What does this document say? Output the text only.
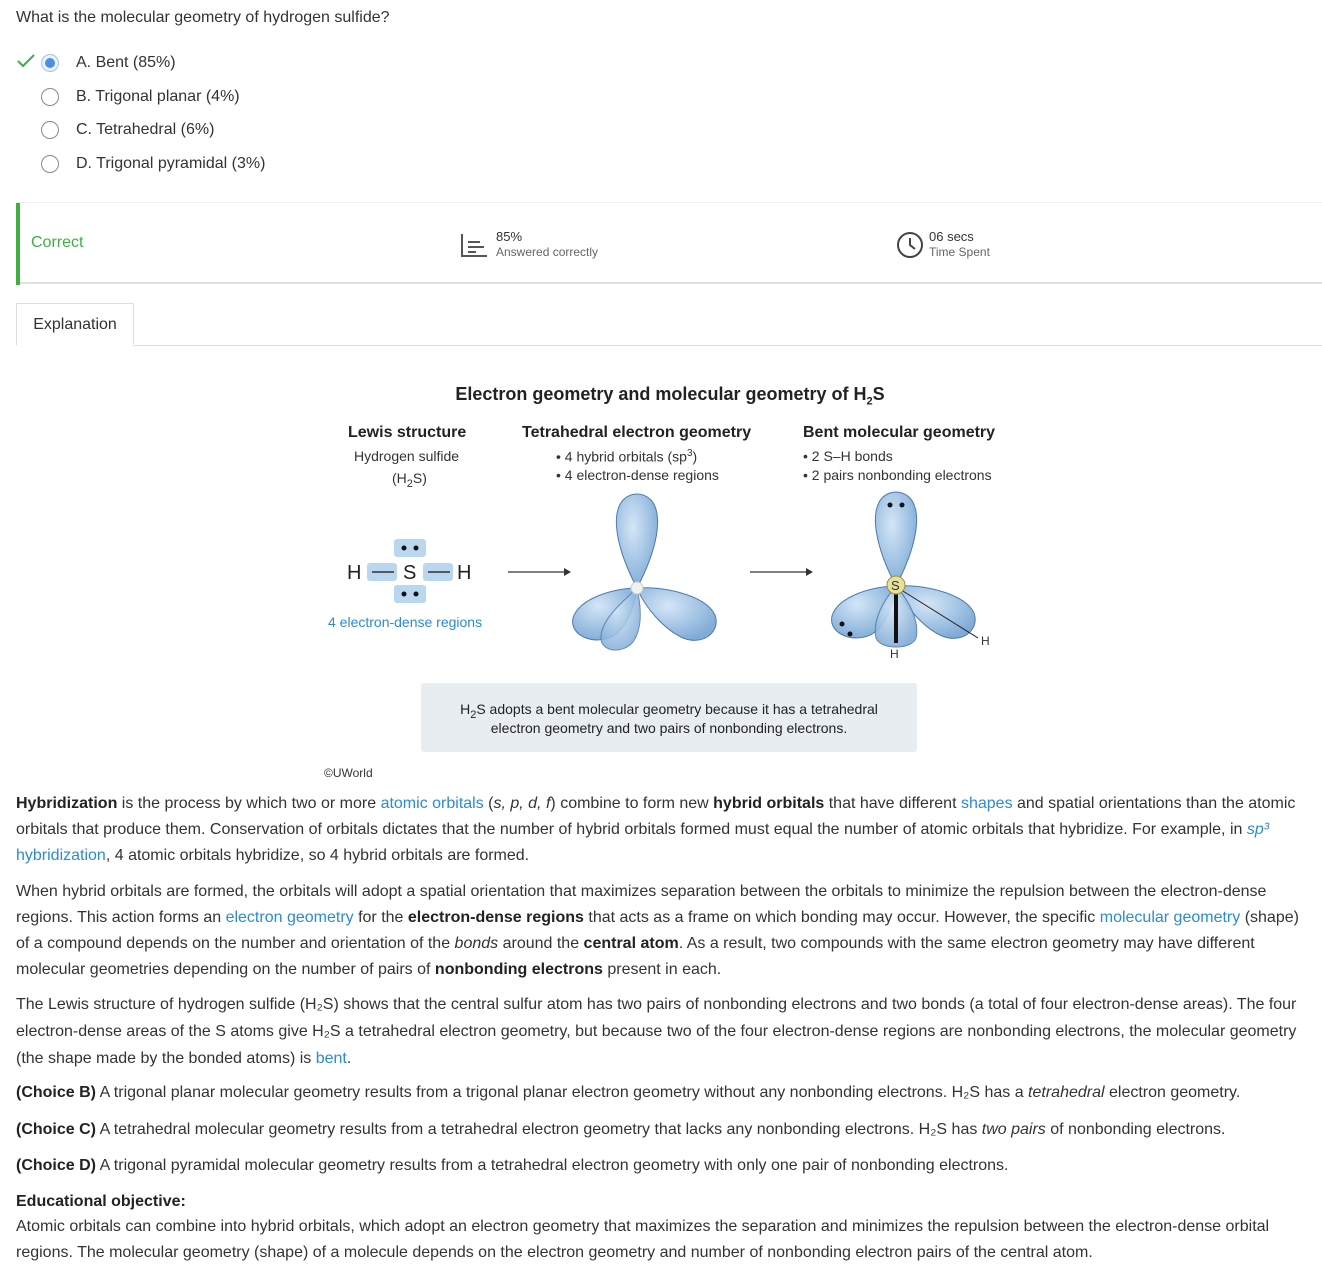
What is the molecular geometry of hydrogen sulfide?
A. Bent (85%)
B. Trigonal planar (4%)
C. Tetrahedral (6%)
D. Trigonal pyramidal (3%)
Correct	85%
Answered correctly
06 secs
Time Spent
Explanation
Electron geometry and molecular geometry of $H_2S$
Lewis structure
Hydrogen sulfide
$(H_2S)$
Tetrahedral electron geometry
• 4 hybrid orbitals $(sp^3)$
• 4 electron-dense regions
Bent molecular geometry
• 2 S–H bonds
• 2 pairs nonbonding electrons
H S H
4 electron-dense regions
S
H
H
$H_2S$ adopts a bent molecular geometry because it has a tetrahedral
electron geometry and two pairs of nonbonding electrons.
©UWorld
Hybridization is the process by which two or more atomic orbitals (s, p, d, f) combine to form new hybrid orbitals that have different shapes and spatial orientations than the atomic orbitals that produce them. Conservation of orbitals dictates that the number of hybrid orbitals formed must equal the number of atomic orbitals that hybridize. For example, in sp³ hybridization, 4 atomic orbitals hybridize, so 4 hybrid orbitals are formed.
When hybrid orbitals are formed, the orbitals will adopt a spatial orientation that maximizes separation between the orbitals to minimize the repulsion between the electron-dense regions. This action forms an electron geometry for the electron-dense regions that acts as a frame on which bonding may occur. However, the specific molecular geometry (shape) of a compound depends on the number and orientation of the bonds around the central atom. As a result, two compounds with the same electron geometry may have different molecular geometries depending on the number of pairs of nonbonding electrons present in each.
The Lewis structure of hydrogen sulfide (H₂S) shows that the central sulfur atom has two pairs of nonbonding electrons and two bonds (a total of four electron-dense areas). The four electron-dense areas of the S atoms give H₂S a tetrahedral electron geometry, but because two of the four electron-dense regions are nonbonding electrons, the molecular geometry (the shape made by the bonded atoms) is bent.
(Choice B) A trigonal planar molecular geometry results from a trigonal planar electron geometry without any nonbonding electrons. H₂S has a tetrahedral electron geometry.
(Choice C) A tetrahedral molecular geometry results from a tetrahedral electron geometry that lacks any nonbonding electrons. H₂S has two pairs of nonbonding electrons.
(Choice D) A trigonal pyramidal molecular geometry results from a tetrahedral electron geometry with only one pair of nonbonding electrons.
Educational objective:
Atomic orbitals can combine into hybrid orbitals, which adopt an electron geometry that maximizes the separation and minimizes the repulsion between the electron-dense orbital regions. The molecular geometry (shape) of a molecule depends on the electron geometry and number of nonbonding electron pairs of the central atom.
